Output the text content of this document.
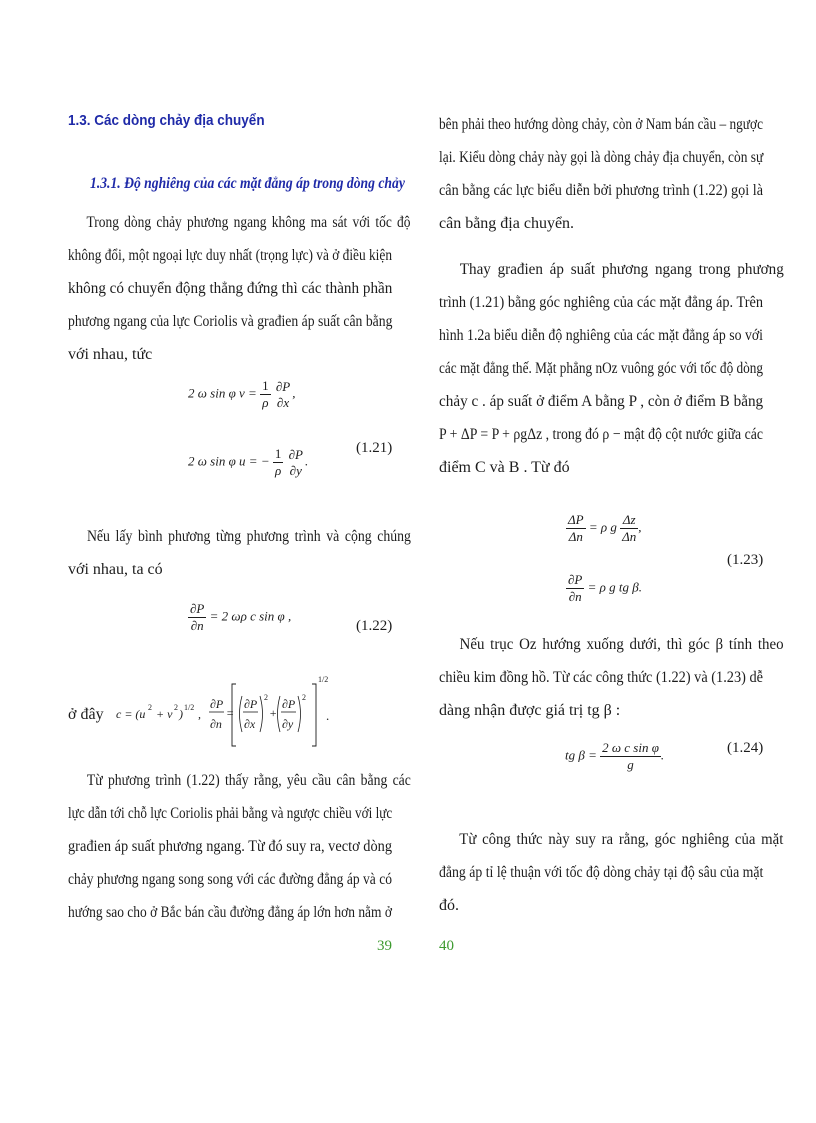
1.3. Các dòng chảy địa chuyển
1.3.1. Độ nghiêng của các mặt đẳng áp trong dòng chảy
Trong dòng chảy phương ngang không ma sát với tốc độ
không đổi, một ngoại lực duy nhất (trọng lực) và ở điều kiện
không có chuyển động thẳng đứng thì các thành phần
phương ngang của lực Coriolis và građien áp suất cân bằng
với nhau, tức
2 ω sin φ $v = \frac{1}{\rho}$
∂P
∂x
,
2 ω sin φ u = − $\frac{1}{\rho}$
∂P
∂y
.
(1.21)
Nếu lấy bình phương từng phương trình và cộng chúng
với nhau, ta có
$\frac{\partial P}{\partial n} = 2$ ωρ c sin φ ,
(1.22)
ở đây c = (u 2 + v 2 ) 1/2 ,
∂P
∂n
=
∂P
∂x
2
+
∂P
∂y
2
1/2
.
Từ phương trình (1.22) thấy rằng, yêu cầu cân bằng các
lực dẫn tới chỗ lực Coriolis phải bằng và ngược chiều với lực
građien áp suất phương ngang. Từ đó suy ra, vectơ dòng
chảy phương ngang song song với các đường đẳng áp và có
hướng sao cho ở Bắc bán cầu đường đẳng áp lớn hơn nằm ở
39
bên phải theo hướng dòng chảy, còn ở Nam bán cầu – ngược
lại. Kiểu dòng chảy này gọi là dòng chảy địa chuyển, còn sự
cân bằng các lực biểu diễn bởi phương trình (1.22) gọi là
cân bằng địa chuyển.
Thay građien áp suất phương ngang trong phương
trình (1.21) bằng góc nghiêng của các mặt đẳng áp. Trên
hình 1.2a biểu diễn độ nghiêng của các mặt đẳng áp so với
các mặt đẳng thế. Mặt phẳng nOz vuông góc với tốc độ dòng
chảy c . áp suất ở điểm A bằng P , còn ở điểm B bằng
P + ΔP = P + ρgΔz , trong đó ρ − mật độ cột nước giữa các
điểm C và B . Từ đó
$\frac{\Delta P}{\Delta n} = \rho$ g $\frac{\Delta z}{\Delta n}$ ,
$\frac{\partial P}{\partial n} = \rho$ g tg β.
(1.23)
Nếu trục Oz hướng xuống dưới, thì góc β tính theo
chiều kim đồng hồ. Từ các công thức (1.22) và (1.23) dễ
dàng nhận được giá trị tg β :
tg $\beta = \frac{\text{2 ω c sin φ}}{g}$ .	(1.24)
Từ công thức này suy ra rằng, góc nghiêng của mặt
đẳng áp tỉ lệ thuận với tốc độ dòng chảy tại độ sâu của mặt
đó.
40
